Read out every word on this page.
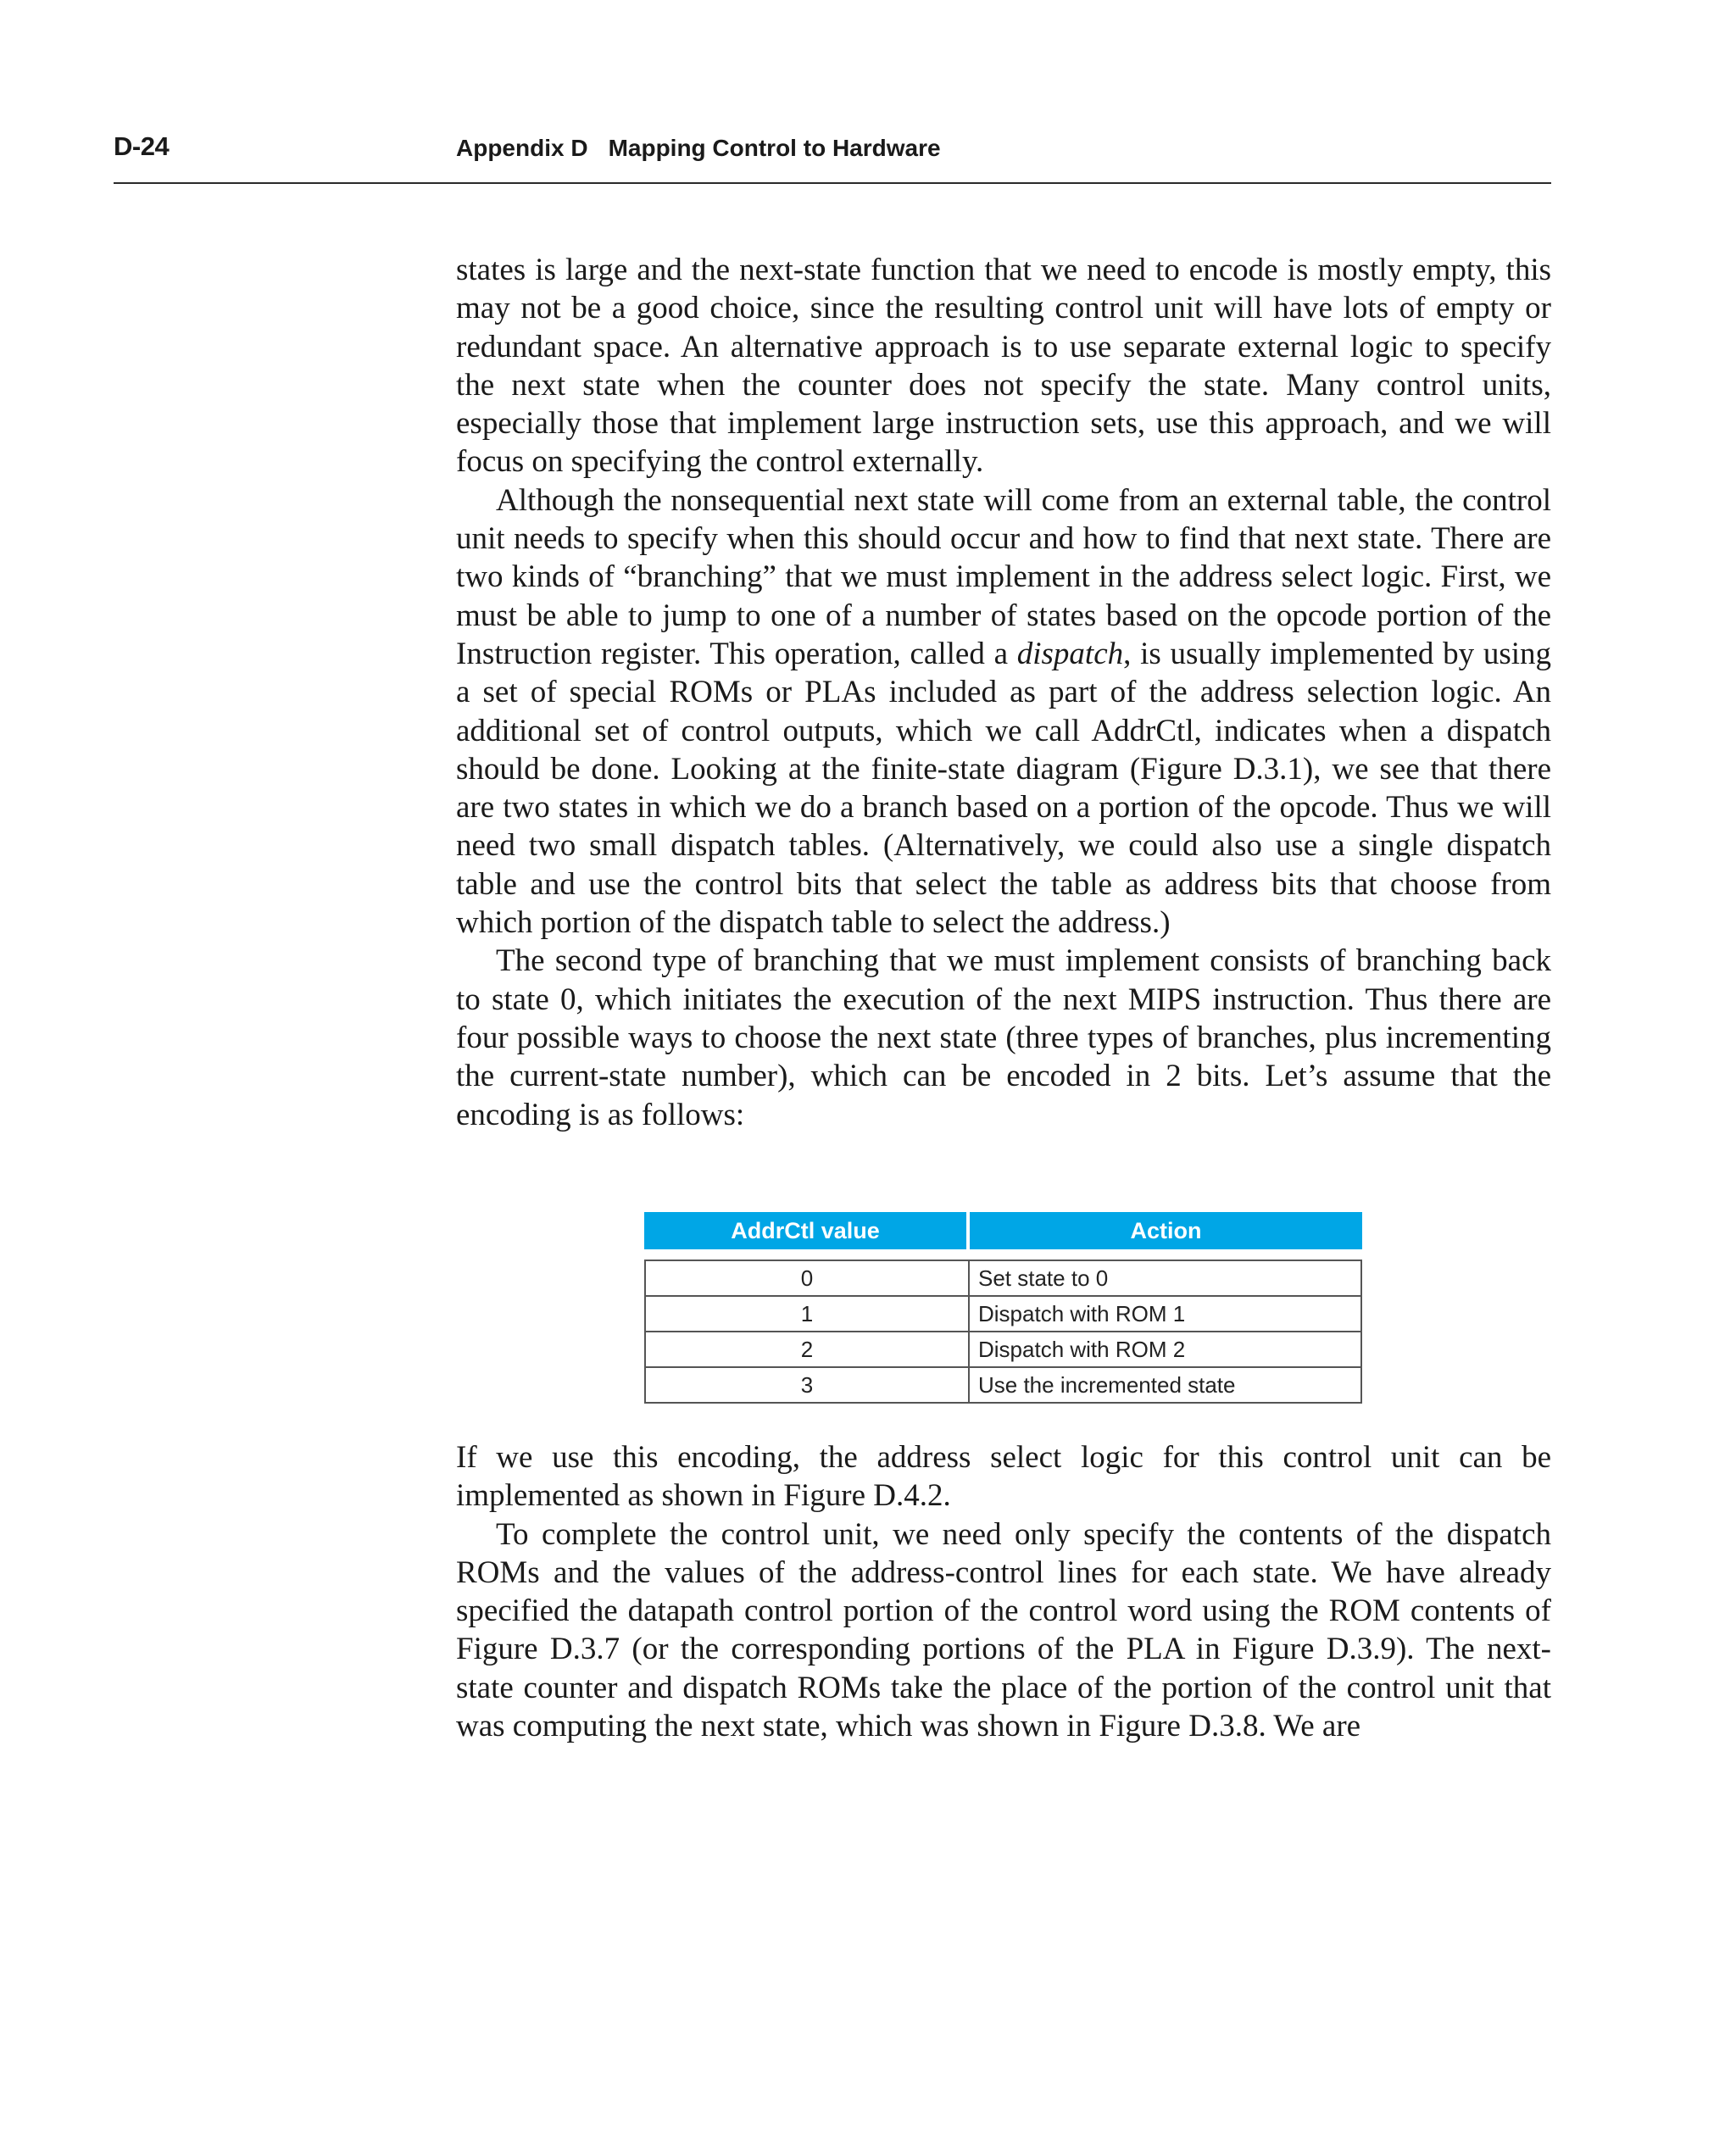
D-24	Appendix D Mapping Control to Hardware

states is large and the next-state function that we need to encode is mostly empty, this may not be a good choice, since the resulting control unit will have lots of empty or redundant space. An alternative approach is to use separate external logic to specify the next state when the counter does not specify the state. Many control units, especially those that implement large instruction sets, use this approach, and we will focus on specifying the control externally.

Although the nonsequential next state will come from an external table, the control unit needs to specify when this should occur and how to find that next state. There are two kinds of “branching” that we must implement in the address select logic. First, we must be able to jump to one of a number of states based on the opcode portion of the Instruction register. This operation, called a dispatch, is usually implemented by using a set of special ROMs or PLAs included as part of the address selection logic. An additional set of control outputs, which we call AddrCtl, indicates when a dispatch should be done. Looking at the finite-state diagram (Figure D.3.1), we see that there are two states in which we do a branch based on a portion of the opcode. Thus we will need two small dispatch tables. (Alternatively, we could also use a single dispatch table and use the control bits that select the table as address bits that choose from which portion of the dispatch table to select the address.)

The second type of branching that we must implement consists of branching back to state 0, which initiates the execution of the next MIPS instruction. Thus there are four possible ways to choose the next state (three types of branches, plus incrementing the current-state number), which can be encoded in 2 bits. Let’s assume that the encoding is as follows:

AddrCtl value	Action
0	Set state to 0
1	Dispatch with ROM 1
2	Dispatch with ROM 2
3	Use the incremented state

If we use this encoding, the address select logic for this control unit can be implemented as shown in Figure D.4.2.

To complete the control unit, we need only specify the contents of the dispatch ROMs and the values of the address-control lines for each state. We have already specified the datapath control portion of the control word using the ROM contents of Figure D.3.7 (or the corresponding portions of the PLA in Figure D.3.9). The next-state counter and dispatch ROMs take the place of the portion of the control unit that was computing the next state, which was shown in Figure D.3.8. We are
